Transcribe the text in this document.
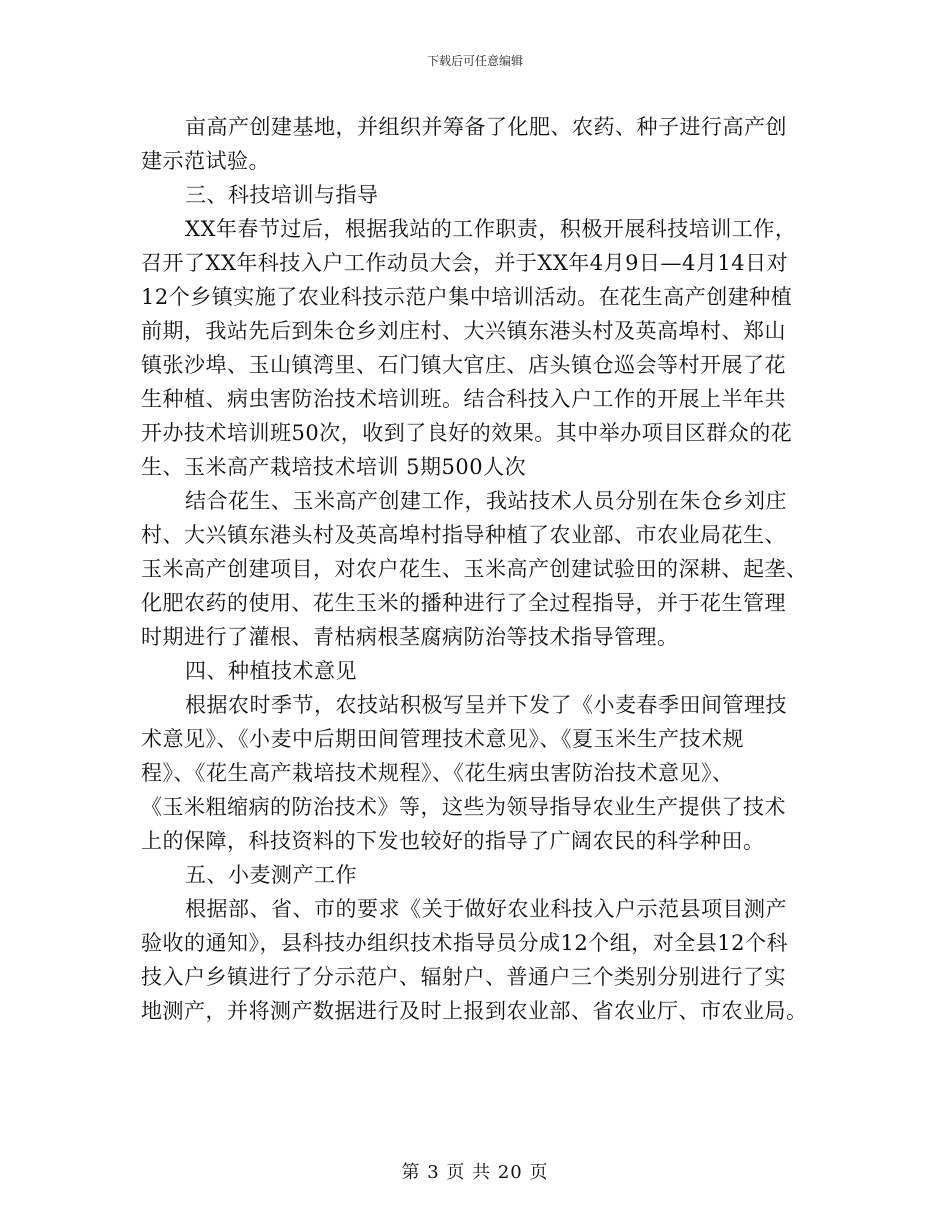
下载后可任意编辑
亩高产创建基地，并组织并筹备了化肥、农药、种子进行高产创
建示范试验。
三、科技培训与指导
XX年春节过后，根据我站的工作职责，积极开展科技培训工作，
召开了XX年科技入户工作动员大会，并于XX年4月9日—4月14日对
12个乡镇实施了农业科技示范户集中培训活动。在花生高产创建种植
前期，我站先后到朱仓乡刘庄村、大兴镇东港头村及英高埠村、郑山
镇张沙埠、玉山镇湾里、石门镇大官庄、店头镇仓巡会等村开展了花
生种植、病虫害防治技术培训班。结合科技入户工作的开展上半年共
开办技术培训班50次，收到了良好的效果。其中举办项目区群众的花
生、玉米高产栽培技术培训 5期500人次
结合花生、玉米高产创建工作，我站技术人员分别在朱仓乡刘庄
村、大兴镇东港头村及英高埠村指导种植了农业部、市农业局花生、
玉米高产创建项目，对农户花生、玉米高产创建试验田的深耕、起垄、
化肥农药的使用、花生玉米的播种进行了全过程指导，并于花生管理
时期进行了灌根、青枯病根茎腐病防治等技术指导管理。
四、种植技术意见
根据农时季节，农技站积极写呈并下发了《小麦春季田间管理技
术意见》、《小麦中后期田间管理技术意见》、《夏玉米生产技术规
程》、《花生高产栽培技术规程》、《花生病虫害防治技术意见》、
《玉米粗缩病的防治技术》等，这些为领导指导农业生产提供了技术
上的保障，科技资料的下发也较好的指导了广阔农民的科学种田。
五、小麦测产工作
根据部、省、市的要求《关于做好农业科技入户示范县项目测产
验收的通知》，县科技办组织技术指导员分成12个组，对全县12个科
技入户乡镇进行了分示范户、辐射户、普通户三个类别分别进行了实
地测产，并将测产数据进行及时上报到农业部、省农业厅、市农业局。
第 3 页 共 20 页
